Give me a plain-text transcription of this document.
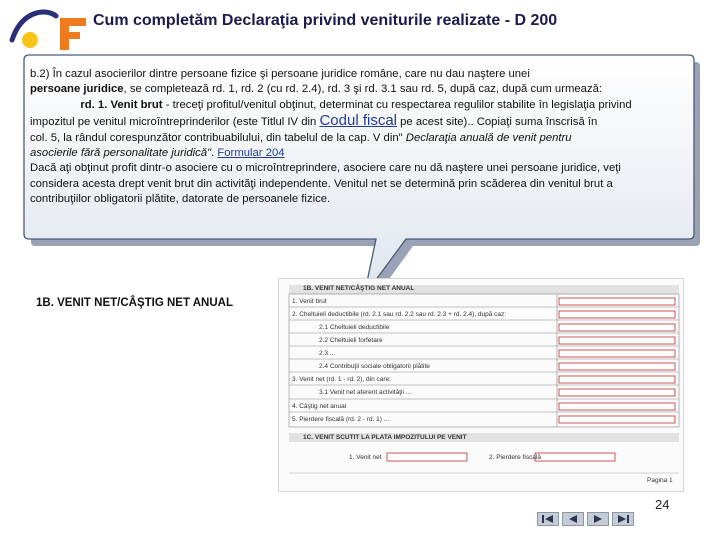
Cum completăm Declaraţia privind veniturile realizate - D 200
b.2) În cazul asocierilor dintre persoane fizice şi persoane juridice române, care nu dau naştere unei
persoane juridice, se completează rd. 1, rd. 2 (cu rd. 2.4), rd. 3 şi rd. 3.1 sau rd. 5, după caz, după cum urmează:
rd. 1. Venit brut - treceţi profitul/venitul obţinut, determinat cu respectarea regulilor stabilite în legislaţia privind
impozitul pe venitul microîntreprinderilor (este Titlul IV din Codul fiscal pe acest site).. Copiaţi suma înscrisă în
col. 5, la rândul corespunzător contribuabilului, din tabelul de la cap. V din" Declaraţia anuală de venit pentru
asocierile fără personalitate juridică". Formular 204
Dacă aţi obţinut profit dintr-o asociere cu o microîntreprindere, asociere care nu dă naştere unei persoane juridice, veţi
considera acesta drept venit brut din activităţi independente. Venitul net se determină prin scăderea din venitul brut a
contribuţiilor obligatorii plătite, datorate de persoanele fizice.
1B. VENIT NET/CÂŞTIG NET ANUAL
1B. VENIT NET/CÂŞTIG NET ANUAL
1. Venit brut
2. Cheltuieli deductibile (rd. 2.1 sau rd. 2.2 sau rd. 2.3 + rd. 2.4), după caz:
2.1 Cheltuieli deductibile
2.2 Cheltuieli forfetare
2.3 ...
2.4 Contribuţii sociale obligatorii plătite
3. Venit net (rd. 1 - rd. 2), din care:
3.1 Venit net aferent activităţii ...
4. Câştig net anual
5. Pierdere fiscală (rd. 2 - rd. 1) ...
1C. VENIT SCUTIT LA PLATA IMPOZITULUI PE VENIT
1. Venit net	2. Pierdere fiscală
Pagina 1
24
